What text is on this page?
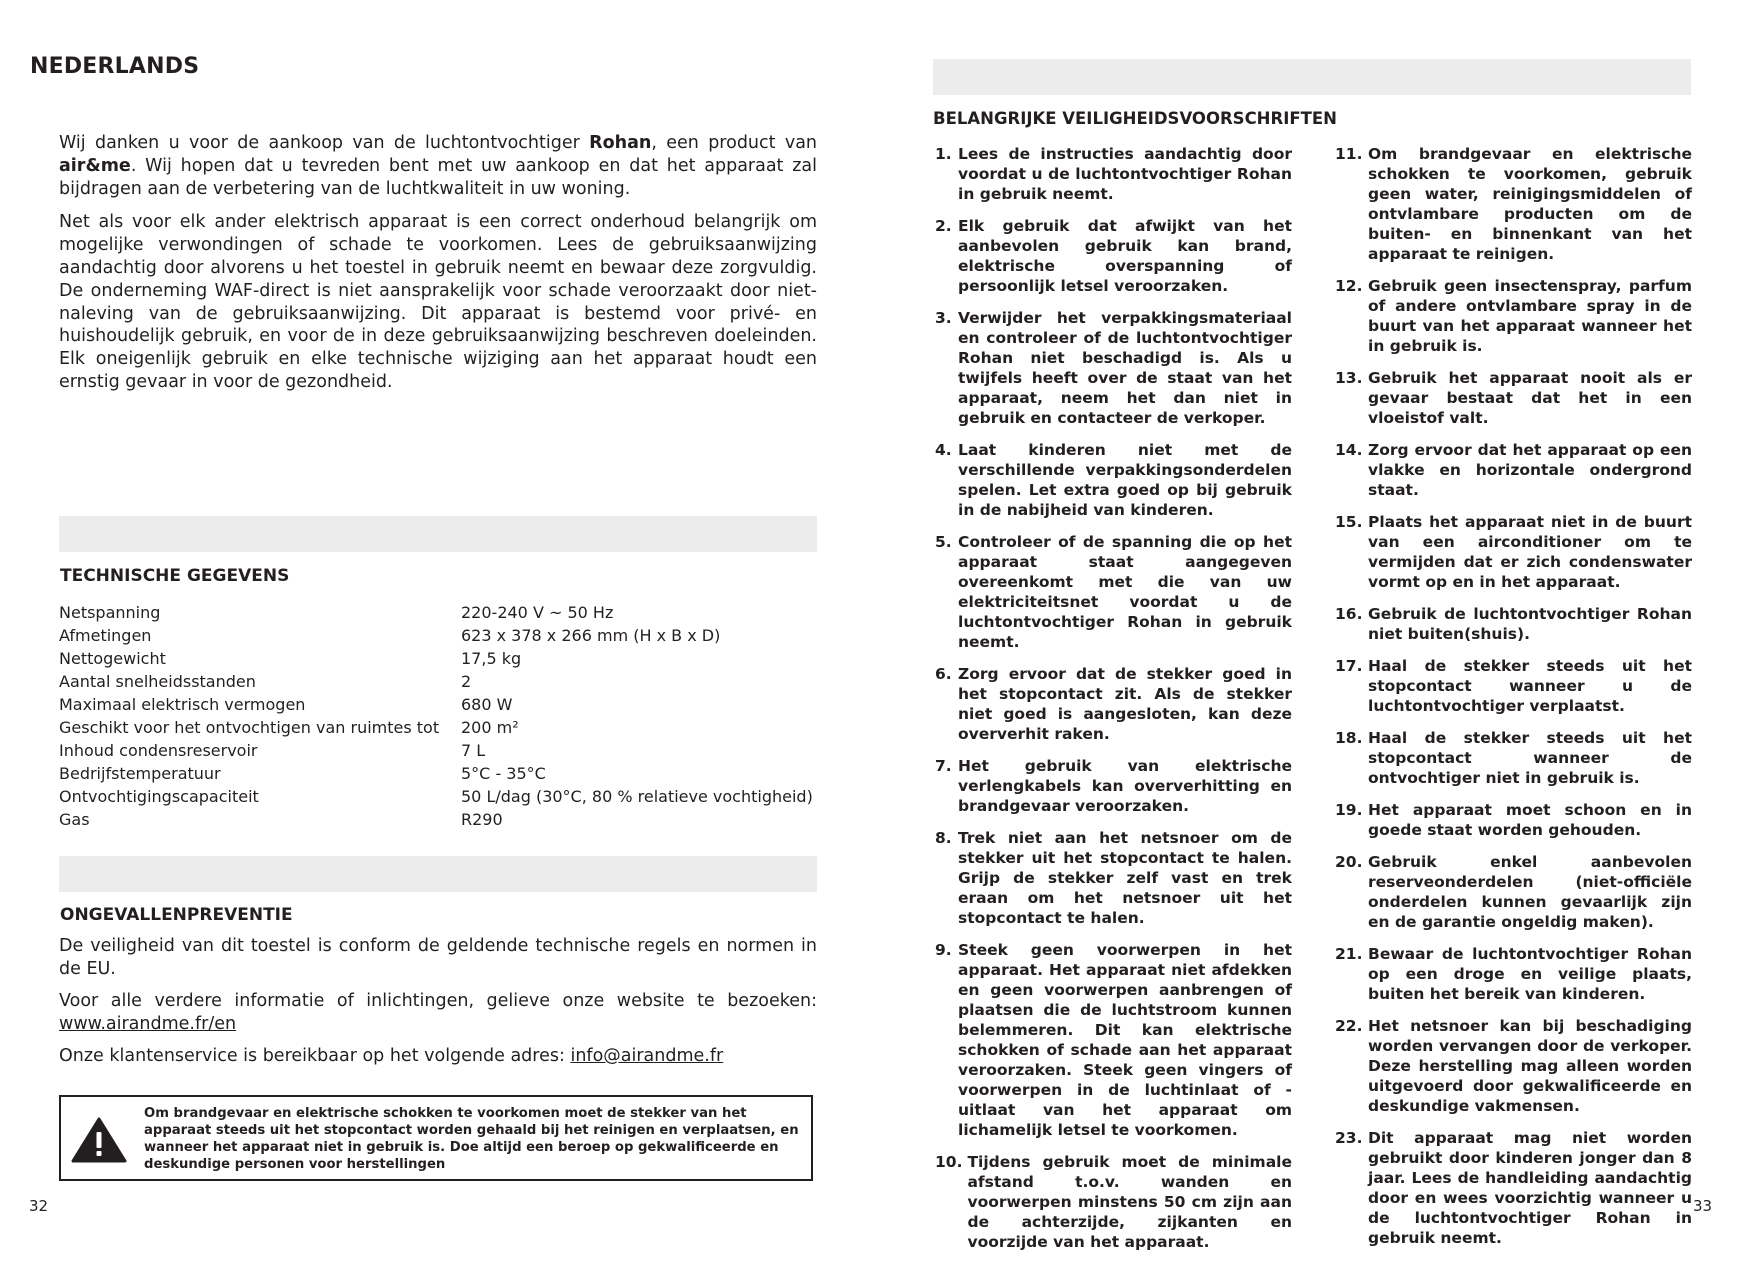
NEDERLANDS

Wij danken u voor de aankoop van de luchtontvochtiger Rohan, een product van air&me. Wij hopen dat u tevreden bent met uw aankoop en dat het apparaat zal bijdragen aan de verbetering van de luchtkwaliteit in uw woning.

Net als voor elk ander elektrisch apparaat is een correct onderhoud belangrijk om mogelijke verwondingen of schade te voorkomen. Lees de gebruiksaanwijzing aandachtig door alvorens u het toestel in gebruik neemt en bewaar deze zorgvuldig. De onderneming WAF-direct is niet aansprakelijk voor schade veroorzaakt door niet-naleving van de gebruiksaanwijzing. Dit apparaat is bestemd voor privé- en huishoudelijk gebruik, en voor de in deze gebruiksaanwijzing beschreven doeleinden. Elk oneigenlijk gebruik en elke technische wijziging aan het apparaat houdt een ernstig gevaar in voor de gezondheid.

TECHNISCHE GEGEVENS
Netspanning	220-240 V ~ 50 Hz
Afmetingen	623 x 378 x 266 mm (H x B x D)
Nettogewicht	17,5 kg
Aantal snelheidsstanden	2
Maximaal elektrisch vermogen	680 W
Geschikt voor het ontvochtigen van ruimtes tot	200 m²
Inhoud condensreservoir	7 L
Bedrijfstemperatuur	5°C - 35°C
Ontvochtigingscapaciteit	50 L/dag (30°C, 80 % relatieve vochtigheid)
Gas	R290
ONGEVALLENPREVENTIE

De veiligheid van dit toestel is conform de geldende technische regels en normen in de EU.

Voor alle verdere informatie of inlichtingen, gelieve onze website te bezoeken: www.airandme.fr/en

Onze klantenservice is bereikbaar op het volgende adres: info@airandme.fr

Om brandgevaar en elektrische schokken te voorkomen moet de stekker van het apparaat steeds uit het stopcontact worden gehaald bij het reinigen en verplaatsen, en wanneer het apparaat niet in gebruik is. Doe altijd een beroep op gekwalificeerde en deskundige personen voor herstellingen
32
BELANGRIJKE VEILIGHEIDSVOORSCHRIFTEN
1. Lees de instructies aandachtig door voordat u de luchtontvochtiger Rohan in gebruik neemt.
2. Elk gebruik dat afwijkt van het aanbevolen gebruik kan brand, elektrische overspanning of persoonlijk letsel veroorzaken.
3. Verwijder het verpakkingsmateriaal en controleer of de luchtontvochtiger Rohan niet beschadigd is. Als u twijfels heeft over de staat van het apparaat, neem het dan niet in gebruik en contacteer de verkoper.
4. Laat kinderen niet met de verschillende verpakkingsonderdelen spelen. Let extra goed op bij gebruik in de nabijheid van kinderen.
5. Controleer of de spanning die op het apparaat staat aangegeven overeenkomt met die van uw elektriciteitsnet voordat u de luchtontvochtiger Rohan in gebruik neemt.
6. Zorg ervoor dat de stekker goed in het stopcontact zit. Als de stekker niet goed is aangesloten, kan deze oververhit raken.
7. Het gebruik van elektrische verlengkabels kan oververhitting en brandgevaar veroorzaken.
8. Trek niet aan het netsnoer om de stekker uit het stopcontact te halen. Grijp de stekker zelf vast en trek eraan om het netsnoer uit het stopcontact te halen.
9. Steek geen voorwerpen in het apparaat. Het apparaat niet afdekken en geen voorwerpen aanbrengen of plaatsen die de luchtstroom kunnen belemmeren. Dit kan elektrische schokken of schade aan het apparaat veroorzaken. Steek geen vingers of voorwerpen in de luchtinlaat of -uitlaat van het apparaat om lichamelijk letsel te voorkomen.
10. Tijdens gebruik moet de minimale afstand t.o.v. wanden en voorwerpen minstens 50 cm zijn aan de achterzijde, zijkanten en voorzijde van het apparaat.
11. Om brandgevaar en elektrische schokken te voorkomen, gebruik geen water, reinigingsmiddelen of ontvlambare producten om de buiten- en binnenkant van het apparaat te reinigen.
12. Gebruik geen insectenspray, parfum of andere ontvlambare spray in de buurt van het apparaat wanneer het in gebruik is.
13. Gebruik het apparaat nooit als er gevaar bestaat dat het in een vloeistof valt.
14. Zorg ervoor dat het apparaat op een vlakke en horizontale ondergrond staat.
15. Plaats het apparaat niet in de buurt van een airconditioner om te vermijden dat er zich condenswater vormt op en in het apparaat.
16. Gebruik de luchtontvochtiger Rohan niet buiten(shuis).
17. Haal de stekker steeds uit het stopcontact wanneer u de luchtontvochtiger verplaatst.
18. Haal de stekker steeds uit het stopcontact wanneer de ontvochtiger niet in gebruik is.
19. Het apparaat moet schoon en in goede staat worden gehouden.
20. Gebruik enkel aanbevolen reserveonderdelen (niet-officiële onderdelen kunnen gevaarlijk zijn en de garantie ongeldig maken).
21. Bewaar de luchtontvochtiger Rohan op een droge en veilige plaats, buiten het bereik van kinderen.
22. Het netsnoer kan bij beschadiging worden vervangen door de verkoper. Deze herstelling mag alleen worden uitgevoerd door gekwalificeerde en deskundige vakmensen.
23. Dit apparaat mag niet worden gebruikt door kinderen jonger dan 8 jaar. Lees de handleiding aandachtig door en wees voorzichtig wanneer u de luchtontvochtiger Rohan in gebruik neemt.
33
